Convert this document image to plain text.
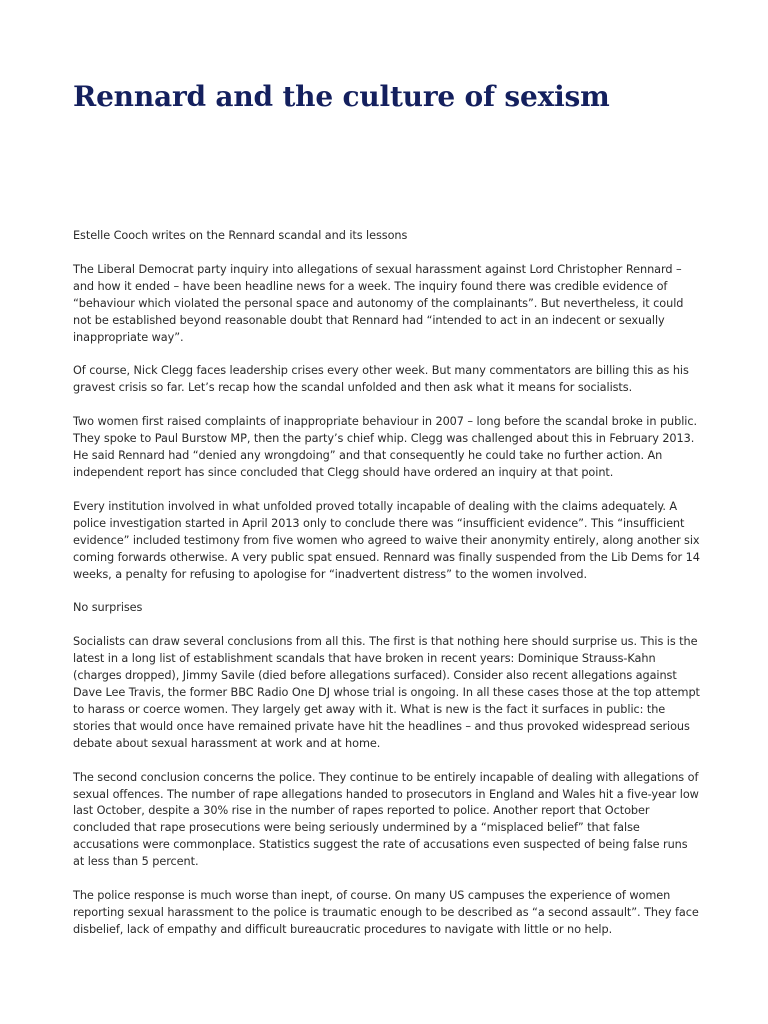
Rennard and the culture of sexism

Estelle Cooch writes on the Rennard scandal and its lessons

The Liberal Democrat party inquiry into allegations of sexual harassment against Lord Christopher Rennard – and how it ended – have been headline news for a week. The inquiry found there was credible evidence of “behaviour which violated the personal space and autonomy of the complainants”. But nevertheless, it could not be established beyond reasonable doubt that Rennard had “intended to act in an indecent or sexually inappropriate way”.

Of course, Nick Clegg faces leadership crises every other week. But many commentators are billing this as his gravest crisis so far. Let’s recap how the scandal unfolded and then ask what it means for socialists.

Two women first raised complaints of inappropriate behaviour in 2007 – long before the scandal broke in public. They spoke to Paul Burstow MP, then the party’s chief whip. Clegg was challenged about this in February 2013. He said Rennard had “denied any wrongdoing” and that consequently he could take no further action. An independent report has since concluded that Clegg should have ordered an inquiry at that point.

Every institution involved in what unfolded proved totally incapable of dealing with the claims adequately. A police investigation started in April 2013 only to conclude there was “insufficient evidence”. This “insufficient evidence” included testimony from five women who agreed to waive their anonymity entirely, along another six coming forwards otherwise. A very public spat ensued. Rennard was finally suspended from the Lib Dems for 14 weeks, a penalty for refusing to apologise for “inadvertent distress” to the women involved.

No surprises

Socialists can draw several conclusions from all this. The first is that nothing here should surprise us. This is the latest in a long list of establishment scandals that have broken in recent years: Dominique Strauss-Kahn (charges dropped), Jimmy Savile (died before allegations surfaced). Consider also recent allegations against Dave Lee Travis, the former BBC Radio One DJ whose trial is ongoing. In all these cases those at the top attempt to harass or coerce women. They largely get away with it. What is new is the fact it surfaces in public: the stories that would once have remained private have hit the headlines – and thus provoked widespread serious debate about sexual harassment at work and at home.

The second conclusion concerns the police. They continue to be entirely incapable of dealing with allegations of sexual offences. The number of rape allegations handed to prosecutors in England and Wales hit a five-year low last October, despite a 30% rise in the number of rapes reported to police. Another report that October concluded that rape prosecutions were being seriously undermined by a “misplaced belief” that false accusations were commonplace. Statistics suggest the rate of accusations even suspected of being false runs at less than 5 percent.

The police response is much worse than inept, of course. On many US campuses the experience of women reporting sexual harassment to the police is traumatic enough to be described as “a second assault”. They face disbelief, lack of empathy and difficult bureaucratic procedures to navigate with little or no help.
